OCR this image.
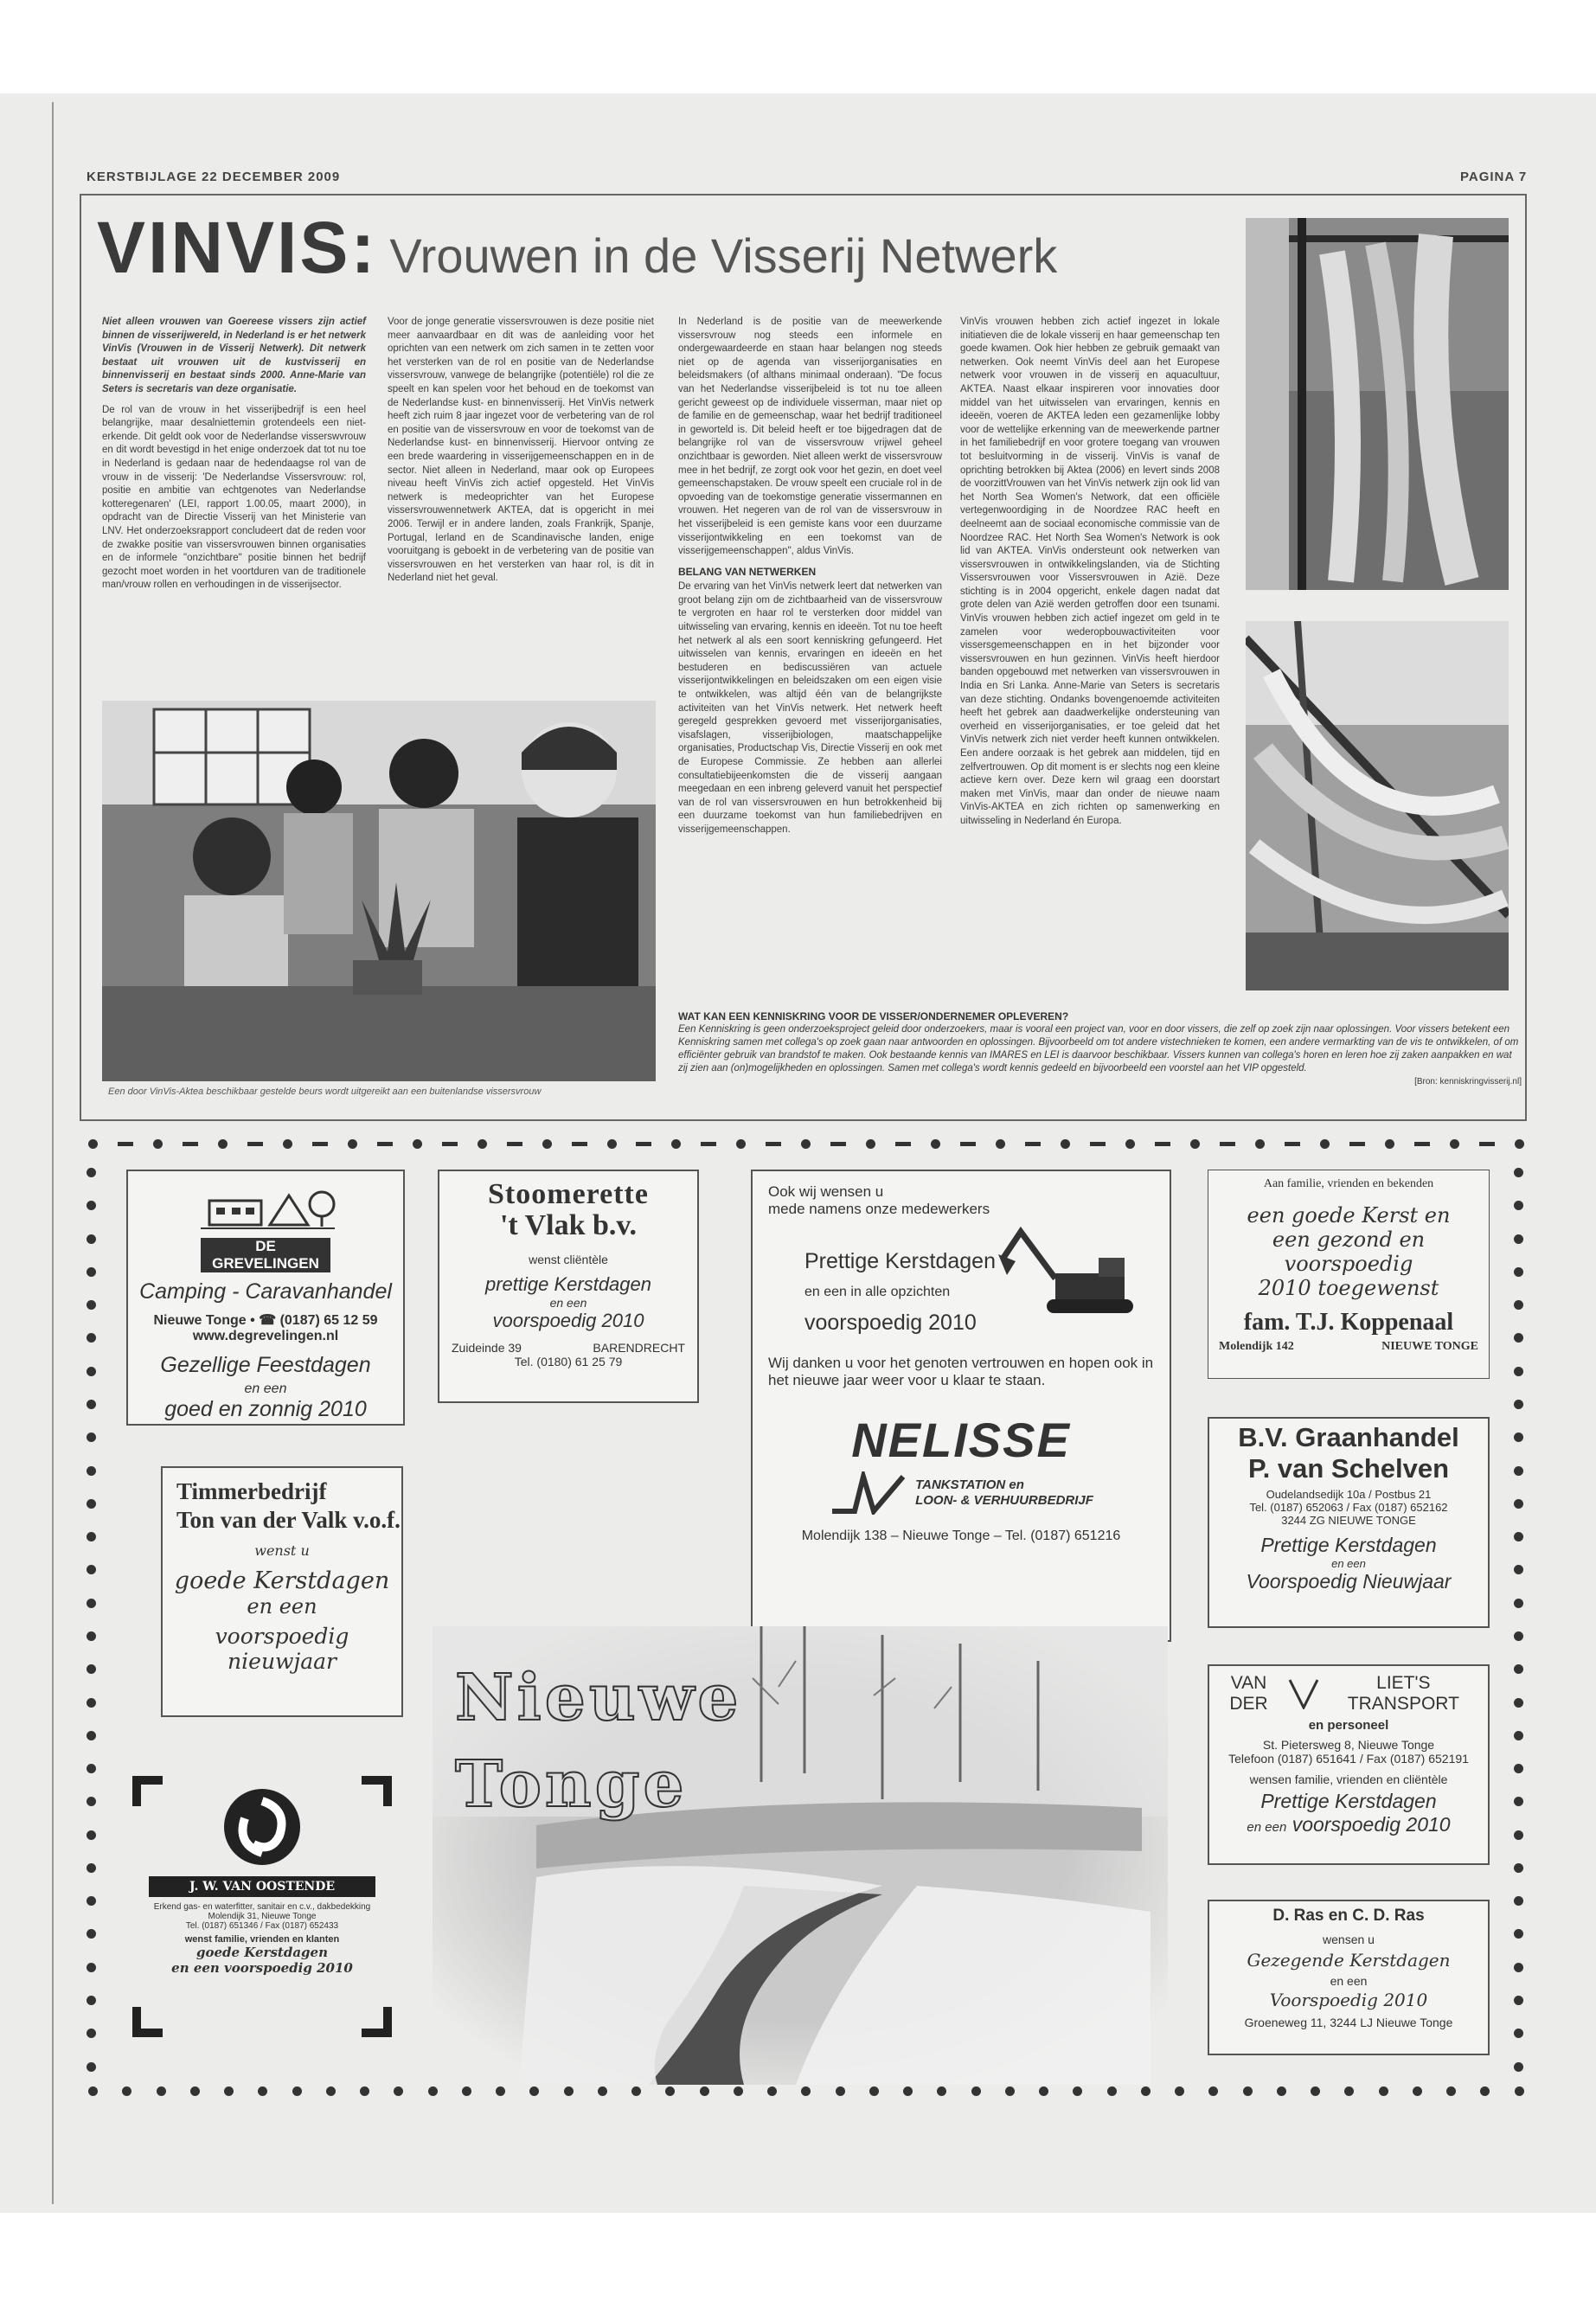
KERSTBIJLAGE 22 DECEMBER 2009	PAGINA 7
VINVIS: Vrouwen in de Visserij Netwerk

Niet alleen vrouwen van Goereese vissers zijn actief binnen de visserijwereld, in Nederland is er het netwerk VinVis (Vrouwen in de Visserij Netwerk). Dit netwerk bestaat uit vrouwen uit de kustvisserij en binnenvisserij en bestaat sinds 2000. Anne-Marie van Seters is secretaris van deze organisatie.

De rol van de vrouw in het visserijbedrijf is een heel belangrijke, maar desalniettemin grotendeels een niet-erkende. Dit geldt ook voor de Nederlandse visserswvrouw en dit wordt bevestigd in het enige onderzoek dat tot nu toe in Nederland is gedaan naar de hedendaagse rol van de vrouw in de visserij: 'De Nederlandse Vissersvrouw: rol, positie en ambitie van echtgenotes van Nederlandse kotteregenaren' (LEI, rapport 1.00.05, maart 2000), in opdracht van de Directie Visserij van het Ministerie van LNV. Het onderzoeksrapport concludeert dat de reden voor de zwakke positie van vissersvrouwen binnen organisaties en de informele "onzichtbare" positie binnen het bedrijf gezocht moet worden in het voortduren van de traditionele man/vrouw rollen en verhoudingen in de visserijsector.

Voor de jonge generatie vissersvrouwen is deze positie niet meer aanvaardbaar en dit was de aanleiding voor het oprichten van een netwerk om zich samen in te zetten voor het versterken van de rol en positie van de Nederlandse vissersvrouw, vanwege de belangrijke (potentiële) rol die ze speelt en kan spelen voor het behoud en de toekomst van de Nederlandse kust- en binnenvisserij. Het VinVis netwerk heeft zich ruim 8 jaar ingezet voor de verbetering van de rol en positie van de vissersvrouw en voor de toekomst van de Nederlandse kust- en binnenvisserij. Hiervoor ontving ze een brede waardering in visserijgemeenschappen en in de sector. Niet alleen in Nederland, maar ook op Europees niveau heeft VinVis zich actief opgesteld. Het VinVis netwerk is medeoprichter van het Europese vissersvrouwennetwerk AKTEA, dat is opgericht in mei 2006. Terwijl er in andere landen, zoals Frankrijk, Spanje, Portugal, Ierland en de Scandinavische landen, enige vooruitgang is geboekt in de verbetering van de positie van vissersvrouwen en het versterken van haar rol, is dit in Nederland niet het geval.

In Nederland is de positie van de meewerkende vissersvrouw nog steeds een informele en ondergewaardeerde en staan haar belangen nog steeds niet op de agenda van visserijorganisaties en beleidsmakers (of althans minimaal onderaan). "De focus van het Nederlandse visserijbeleid is tot nu toe alleen gericht geweest op de individuele visserman, maar niet op de familie en de gemeenschap, waar het bedrijf traditioneel in geworteld is. Dit beleid heeft er toe bijgedragen dat de belangrijke rol van de vissersvrouw vrijwel geheel onzichtbaar is geworden. Niet alleen werkt de vissersvrouw mee in het bedrijf, ze zorgt ook voor het gezin, en doet veel gemeenschapstaken. De vrouw speelt een cruciale rol in de opvoeding van de toekomstige generatie vissermannen en vrouwen. Het negeren van de rol van de vissersvrouw in het visserijbeleid is een gemiste kans voor een duurzame visserijontwikkeling en een toekomst van de visserijgemeenschappen", aldus VinVis.

BELANG VAN NETWERKEN

De ervaring van het VinVis netwerk leert dat netwerken van groot belang zijn om de zichtbaarheid van de vissersvrouw te vergroten en haar rol te versterken door middel van uitwisseling van ervaring, kennis en ideeën. Tot nu toe heeft het netwerk al als een soort kenniskring gefungeerd. Het uitwisselen van kennis, ervaringen en ideeën en het bestuderen en bediscussiëren van actuele visserijontwikkelingen en beleidszaken om een eigen visie te ontwikkelen, was altijd één van de belangrijkste activiteiten van het VinVis netwerk. Het netwerk heeft geregeld gesprekken gevoerd met visserijorganisaties, visafslagen, visserijbiologen, maatschappelijke organisaties, Productschap Vis, Directie Visserij en ook met de Europese Commissie. Ze hebben aan allerlei consultatiebijeenkomsten die de visserij aangaan meegedaan en een inbreng geleverd vanuit het perspectief van de rol van vissersvrouwen en hun betrokkenheid bij een duurzame toekomst van hun familiebedrijven en visserijgemeenschappen.

VinVis vrouwen hebben zich actief ingezet in lokale initiatieven die de lokale visserij en haar gemeenschap ten goede kwamen. Ook hier hebben ze gebruik gemaakt van netwerken. Ook neemt VinVis deel aan het Europese netwerk voor vrouwen in de visserij en aquacultuur, AKTEA. Naast elkaar inspireren voor innovaties door middel van het uitwisselen van ervaringen, kennis en ideeën, voeren de AKTEA leden een gezamenlijke lobby voor de wettelijke erkenning van de meewerkende partner in het familiebedrijf en voor grotere toegang van vrouwen tot besluitvorming in de visserij. VinVis is vanaf de oprichting betrokken bij Aktea (2006) en levert sinds 2008 de voorzittVrouwen van het VinVis netwerk zijn ook lid van het North Sea Women's Network, dat een officiële vertegenwoordiging in de Noordzee RAC heeft en deelneemt aan de sociaal economische commissie van de Noordzee RAC. Het North Sea Women's Network is ook lid van AKTEA. VinVis ondersteunt ook netwerken van vissersvrouwen in ontwikkelingslanden, via de Stichting Vissersvrouwen voor Vissersvrouwen in Azië. Deze stichting is in 2004 opgericht, enkele dagen nadat dat grote delen van Azië werden getroffen door een tsunami. VinVis vrouwen hebben zich actief ingezet om geld in te zamelen voor wederopbouwactiviteiten voor vissersgemeenschappen en in het bijzonder voor vissersvrouwen en hun gezinnen. VinVis heeft hierdoor banden opgebouwd met netwerken van vissersvrouwen in India en Sri Lanka. Anne-Marie van Seters is secretaris van deze stichting. Ondanks bovengenoemde activiteiten heeft het gebrek aan daadwerkelijke ondersteuning van overheid en visserijorganisaties, er toe geleid dat het VinVis netwerk zich niet verder heeft kunnen ontwikkelen. Een andere oorzaak is het gebrek aan middelen, tijd en zelfvertrouwen. Op dit moment is er slechts nog een kleine actieve kern over. Deze kern wil graag een doorstart maken met VinVis, maar dan onder de nieuwe naam VinVis-AKTEA en zich richten op samenwerking en uitwisseling in Nederland én Europa.

Een door VinVis-Aktea beschikbaar gestelde beurs wordt uitgereikt aan een buitenlandse vissersvrouw
WAT KAN EEN KENNISKRING VOOR DE VISSER/ONDERNEMER OPLEVEREN?
Een Kenniskring is geen onderzoeksproject geleid door onderzoekers, maar is vooral een project van, voor en door vissers, die zelf op zoek zijn naar oplossingen. Voor vissers betekent een Kenniskring samen met collega's op zoek gaan naar antwoorden en oplossingen. Bijvoorbeeld om tot andere vistechnieken te komen, een andere vermarkting van de vis te ontwikkelen, of om efficiënter gebruik van brandstof te maken. Ook bestaande kennis van IMARES en LEI is daarvoor beschikbaar. Vissers kunnen van collega's horen en leren hoe zij zaken aanpakken en wat zij zien aan (on)mogelijkheden en oplossingen. Samen met collega's wordt kennis gedeeld en bijvoorbeeld een voorstel aan het VIP opgesteld.
[Bron: kenniskringvisserij.nl]
DE GREVELINGEN
Camping - Caravanhandel
Nieuwe Tonge • ☎ (0187) 65 12 59
www.degrevelingen.nl
Gezellige Feestdagen
en een
goed en zonnig 2010
Stoomerette
't Vlak b.v.
wenst cliëntèle
prettige Kerstdagen
en een
voorspoedig 2010
Zuideinde 39	BARENDRECHT
Tel. (0180) 61 25 79
Ook wij wensen u
mede namens onze medewerkers
Prettige Kerstdagen
en een in alle opzichten
voorspoedig 2010
Wij danken u voor het genoten vertrouwen en hopen ook in het nieuwe jaar weer voor u klaar te staan.
NELISSE
TANKSTATION en
LOON- & VERHUURBEDRIJF
Molendijk 138 – Nieuwe Tonge – Tel. (0187) 651216
Aan familie, vrienden en bekenden
een goede Kerst en
een gezond en voorspoedig
2010 toegewenst
fam. T.J. Koppenaal
Molendijk 142	NIEUWE TONGE
Timmerbedrijf
Ton van der Valk v.o.f.
wenst u
goede Kerstdagen
en een
voorspoedig nieuwjaar
B.V. Graanhandel
P. van Schelven
Oudelandsedijk 10a / Postbus 21
Tel. (0187) 652063 / Fax (0187) 652162
3244 ZG NIEUWE TONGE
Prettige Kerstdagen
en een
Voorspoedig Nieuwjaar
Nieuwe
Tonge
VAN DER
LIET'S TRANSPORT
en personeel
St. Pietersweg 8, Nieuwe Tonge
Telefoon (0187) 651641 / Fax (0187) 652191
wensen familie, vrienden en cliëntèle
Prettige Kerstdagen
en een voorspoedig 2010
J. W. VAN OOSTENDE
Erkend gas- en waterfitter, sanitair en c.v., dakbedekking
Molendijk 31, Nieuwe Tonge
Tel. (0187) 651346 / Fax (0187) 652433
wenst familie, vrienden en klanten
goede Kerstdagen
en een voorspoedig 2010
D. Ras en C. D. Ras
wensen u
Gezegende Kerstdagen
en een
Voorspoedig 2010
Groeneweg 11, 3244 LJ Nieuwe Tonge
